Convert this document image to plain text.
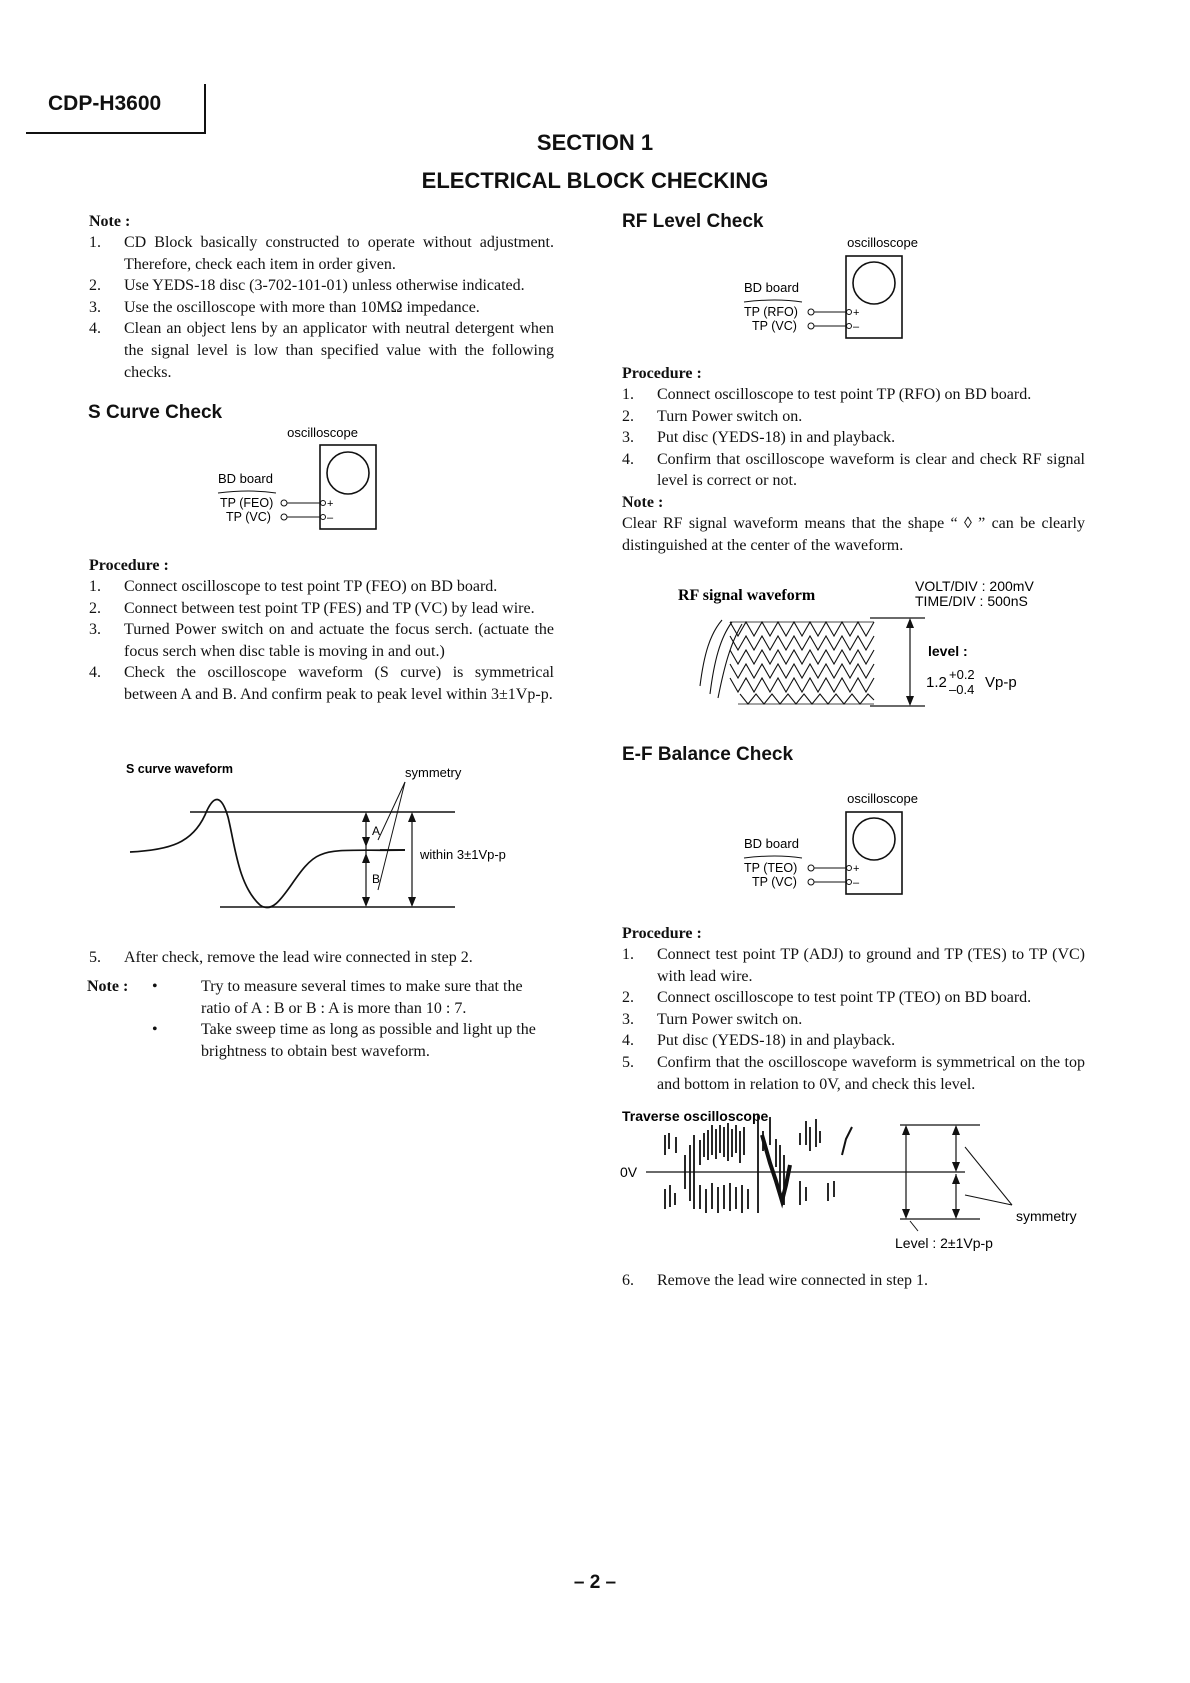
CDP-H3600
SECTION 1
ELECTRICAL BLOCK CHECKING
Note :
1. CD Block basically constructed to operate without adjustment. Therefore, check each item in order given.
2. Use YEDS-18 disc (3-702-101-01) unless otherwise indicated.
3. Use the oscilloscope with more than 10MΩ impedance.
4. Clean an object lens by an applicator with neutral detergent when the signal level is low than specified value with the following checks.
S Curve Check
oscilloscope
BD board
TP (FEO)
TP (VC)
+
–
Procedure :
1. Connect oscilloscope to test point TP (FEO) on BD board.
2. Connect between test point TP (FES) and TP (VC) by lead wire.
3. Turned Power switch on and actuate the focus serch. (actuate the focus serch when disc table is moving in and out.)
4. Check the oscilloscope waveform (S curve) is symmetrical between A and B. And confirm peak to peak level within 3±1Vp-p.
S curve waveform	symmetry
A
B
within 3±1Vp-p
5. After check, remove the lead wire connected in step 2.
Note : •	Try to measure several times to make sure that the ratio of A : B or B : A is more than 10 : 7.
•	Take sweep time as long as possible and light up the brightness to obtain best waveform.
RF Level Check
oscilloscope
BD board
TP (RFO)
TP (VC)
+
–
Procedure :
1. Connect oscilloscope to test point TP (RFO) on BD board.
2. Turn Power switch on.
3. Put disc (YEDS-18) in and playback.
4. Confirm that oscilloscope waveform is clear and check RF signal level is correct or not.
Note :
Clear RF signal waveform means that the shape “ ◊ ” can be clearly distinguished at the center of the waveform.
RF signal waveform
VOLT/DIV : 200mV
TIME/DIV : 500nS
level :
1.2 +0.2
–0.4 Vp-p
E-F Balance Check
oscilloscope
BD board
TP (TEO)
TP (VC)
+
–
Procedure :
1. Connect test point TP (ADJ) to ground and TP (TES) to TP (VC) with lead wire.
2. Connect oscilloscope to test point TP (TEO) on BD board.
3. Turn Power switch on.
4. Put disc (YEDS-18) in and playback.
5. Confirm that the oscilloscope waveform is symmetrical on the top and bottom in relation to 0V, and check this level.
Traverse oscilloscope
0V
symmetry
Level : 2±1Vp-p
6. Remove the lead wire connected in step 1.
– 2 –
